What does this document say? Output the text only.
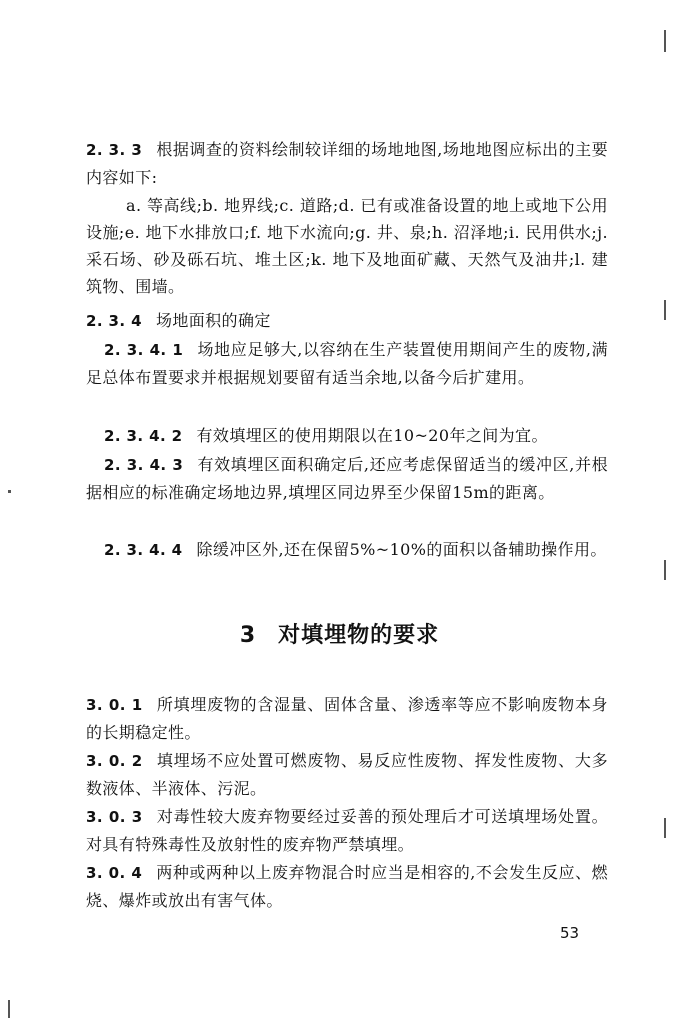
2. 3. 3 根据调查的资料绘制较详细的场地地图,场地地图应标出的主要内容如下:

a. 等高线;b. 地界线;c. 道路;d. 已有或准备设置的地上或地下公用设施;e. 地下水排放口;f. 地下水流向;g. 井、泉;h. 沼泽地;i. 民用供水;j. 采石场、砂及砾石坑、堆土区;k. 地下及地面矿藏、天然气及油井;l. 建筑物、围墙。

2. 3. 4 场地面积的确定

2. 3. 4. 1 场地应足够大,以容纳在生产装置使用期间产生的废物,满足总体布置要求并根据规划要留有适当余地,以备今后扩建用。

2. 3. 4. 2 有效填埋区的使用期限以在10~20年之间为宜。

2. 3. 4. 3 有效填埋区面积确定后,还应考虑保留适当的缓冲区,并根据相应的标准确定场地边界,填埋区同边界至少保留15m的距离。

2. 3. 4. 4 除缓冲区外,还在保留5%~10%的面积以备辅助操作用。

3 对填埋物的要求

3. 0. 1 所填埋废物的含湿量、固体含量、渗透率等应不影响废物本身的长期稳定性。

3. 0. 2 填埋场不应处置可燃废物、易反应性废物、挥发性废物、大多数液体、半液体、污泥。

3. 0. 3 对毒性较大废弃物要经过妥善的预处理后才可送填埋场处置。对具有特殊毒性及放射性的废弃物严禁填埋。

3. 0. 4 两种或两种以上废弃物混合时应当是相容的,不会发生反应、燃烧、爆炸或放出有害气体。

53
